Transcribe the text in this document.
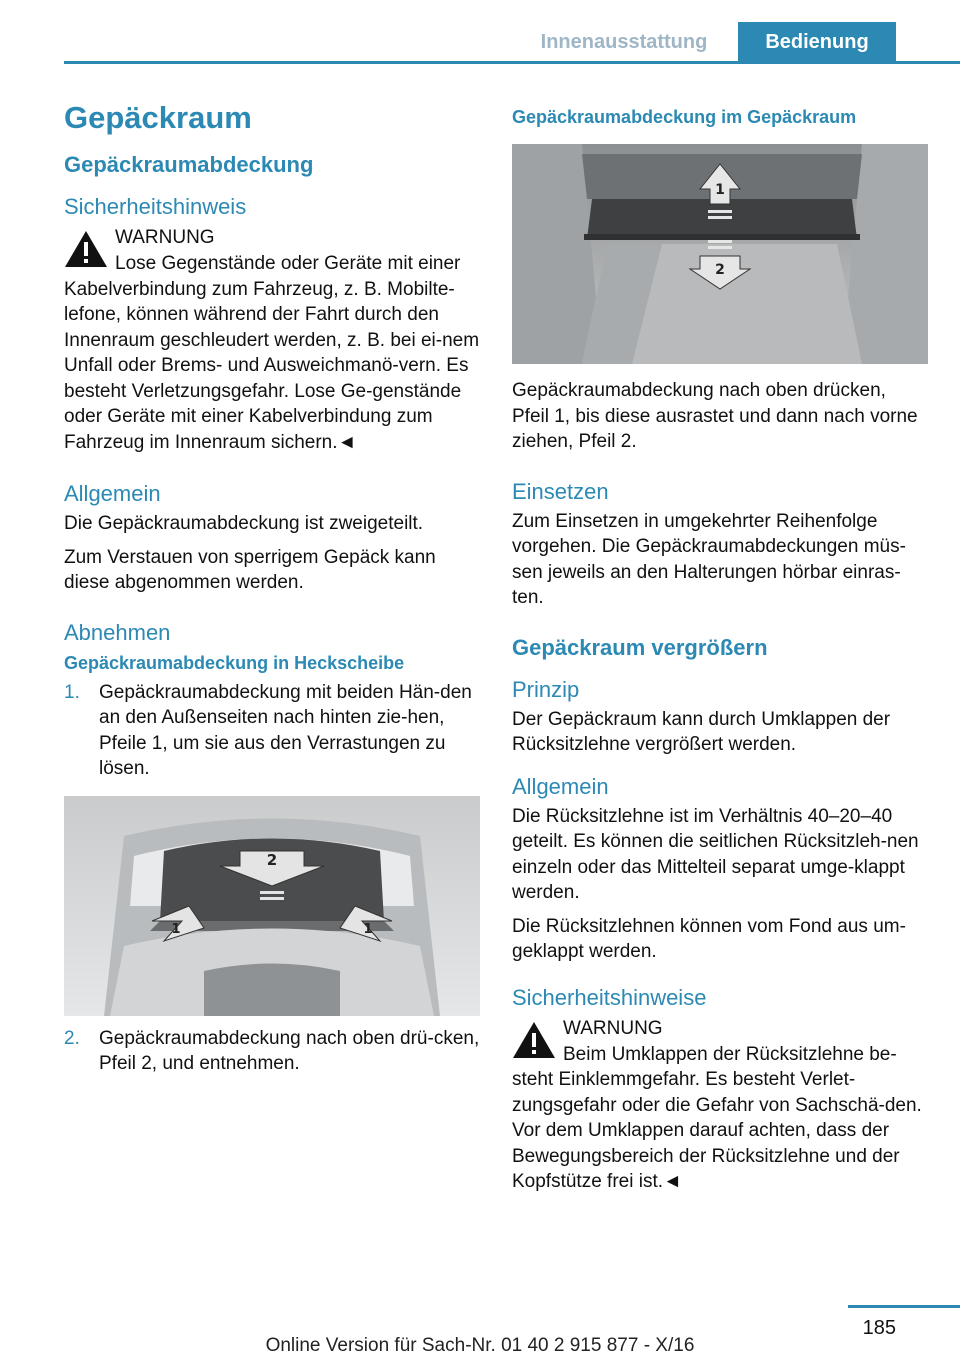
Innenausstattung	Bedienung
Gepäckraum
Gepäckraumabdeckung
Sicherheitshinweis
WARNUNG
Lose Gegenstände oder Geräte mit einer Kabelverbindung zum Fahrzeug, z. B. Mobilte-lefone, können während der Fahrt durch den Innenraum geschleudert werden, z. B. bei ei-nem Unfall oder Brems- und Ausweichmanö-vern. Es besteht Verletzungsgefahr. Lose Ge-genstände oder Geräte mit einer Kabelverbindung zum Fahrzeug im Innenraum sichern.◄
Allgemein
Die Gepäckraumabdeckung ist zweigeteilt.
Zum Verstauen von sperrigem Gepäck kann diese abgenommen werden.
Abnehmen
Gepäckraumabdeckung in Heckscheibe
1. Gepäckraumabdeckung mit beiden Hän-den an den Außenseiten nach hinten zie-hen, Pfeile 1, um sie aus den Verrastungen zu lösen.
2
1	1
2. Gepäckraumabdeckung nach oben drü-cken, Pfeil 2, und entnehmen.
Gepäckraumabdeckung im Gepäckraum
1
2
Gepäckraumabdeckung nach oben drücken, Pfeil 1, bis diese ausrastet und dann nach vorne ziehen, Pfeil 2.
Einsetzen
Zum Einsetzen in umgekehrter Reihenfolge vorgehen. Die Gepäckraumabdeckungen müs-sen jeweils an den Halterungen hörbar einras-ten.
Gepäckraum vergrößern
Prinzip
Der Gepäckraum kann durch Umklappen der Rücksitzlehne vergrößert werden.
Allgemein
Die Rücksitzlehne ist im Verhältnis 40–20–40 geteilt. Es können die seitlichen Rücksitzleh-nen einzeln oder das Mittelteil separat umge-klappt werden.
Die Rücksitzlehnen können vom Fond aus um-geklappt werden.
Sicherheitshinweise
WARNUNG
Beim Umklappen der Rücksitzlehne be-steht Einklemmgefahr. Es besteht Verlet-zungsgefahr oder die Gefahr von Sachschä-den. Vor dem Umklappen darauf achten, dass der Bewegungsbereich der Rücksitzlehne und der Kopfstütze frei ist.◄
185
Online Version für Sach-Nr. 01 40 2 915 877 - X/16
